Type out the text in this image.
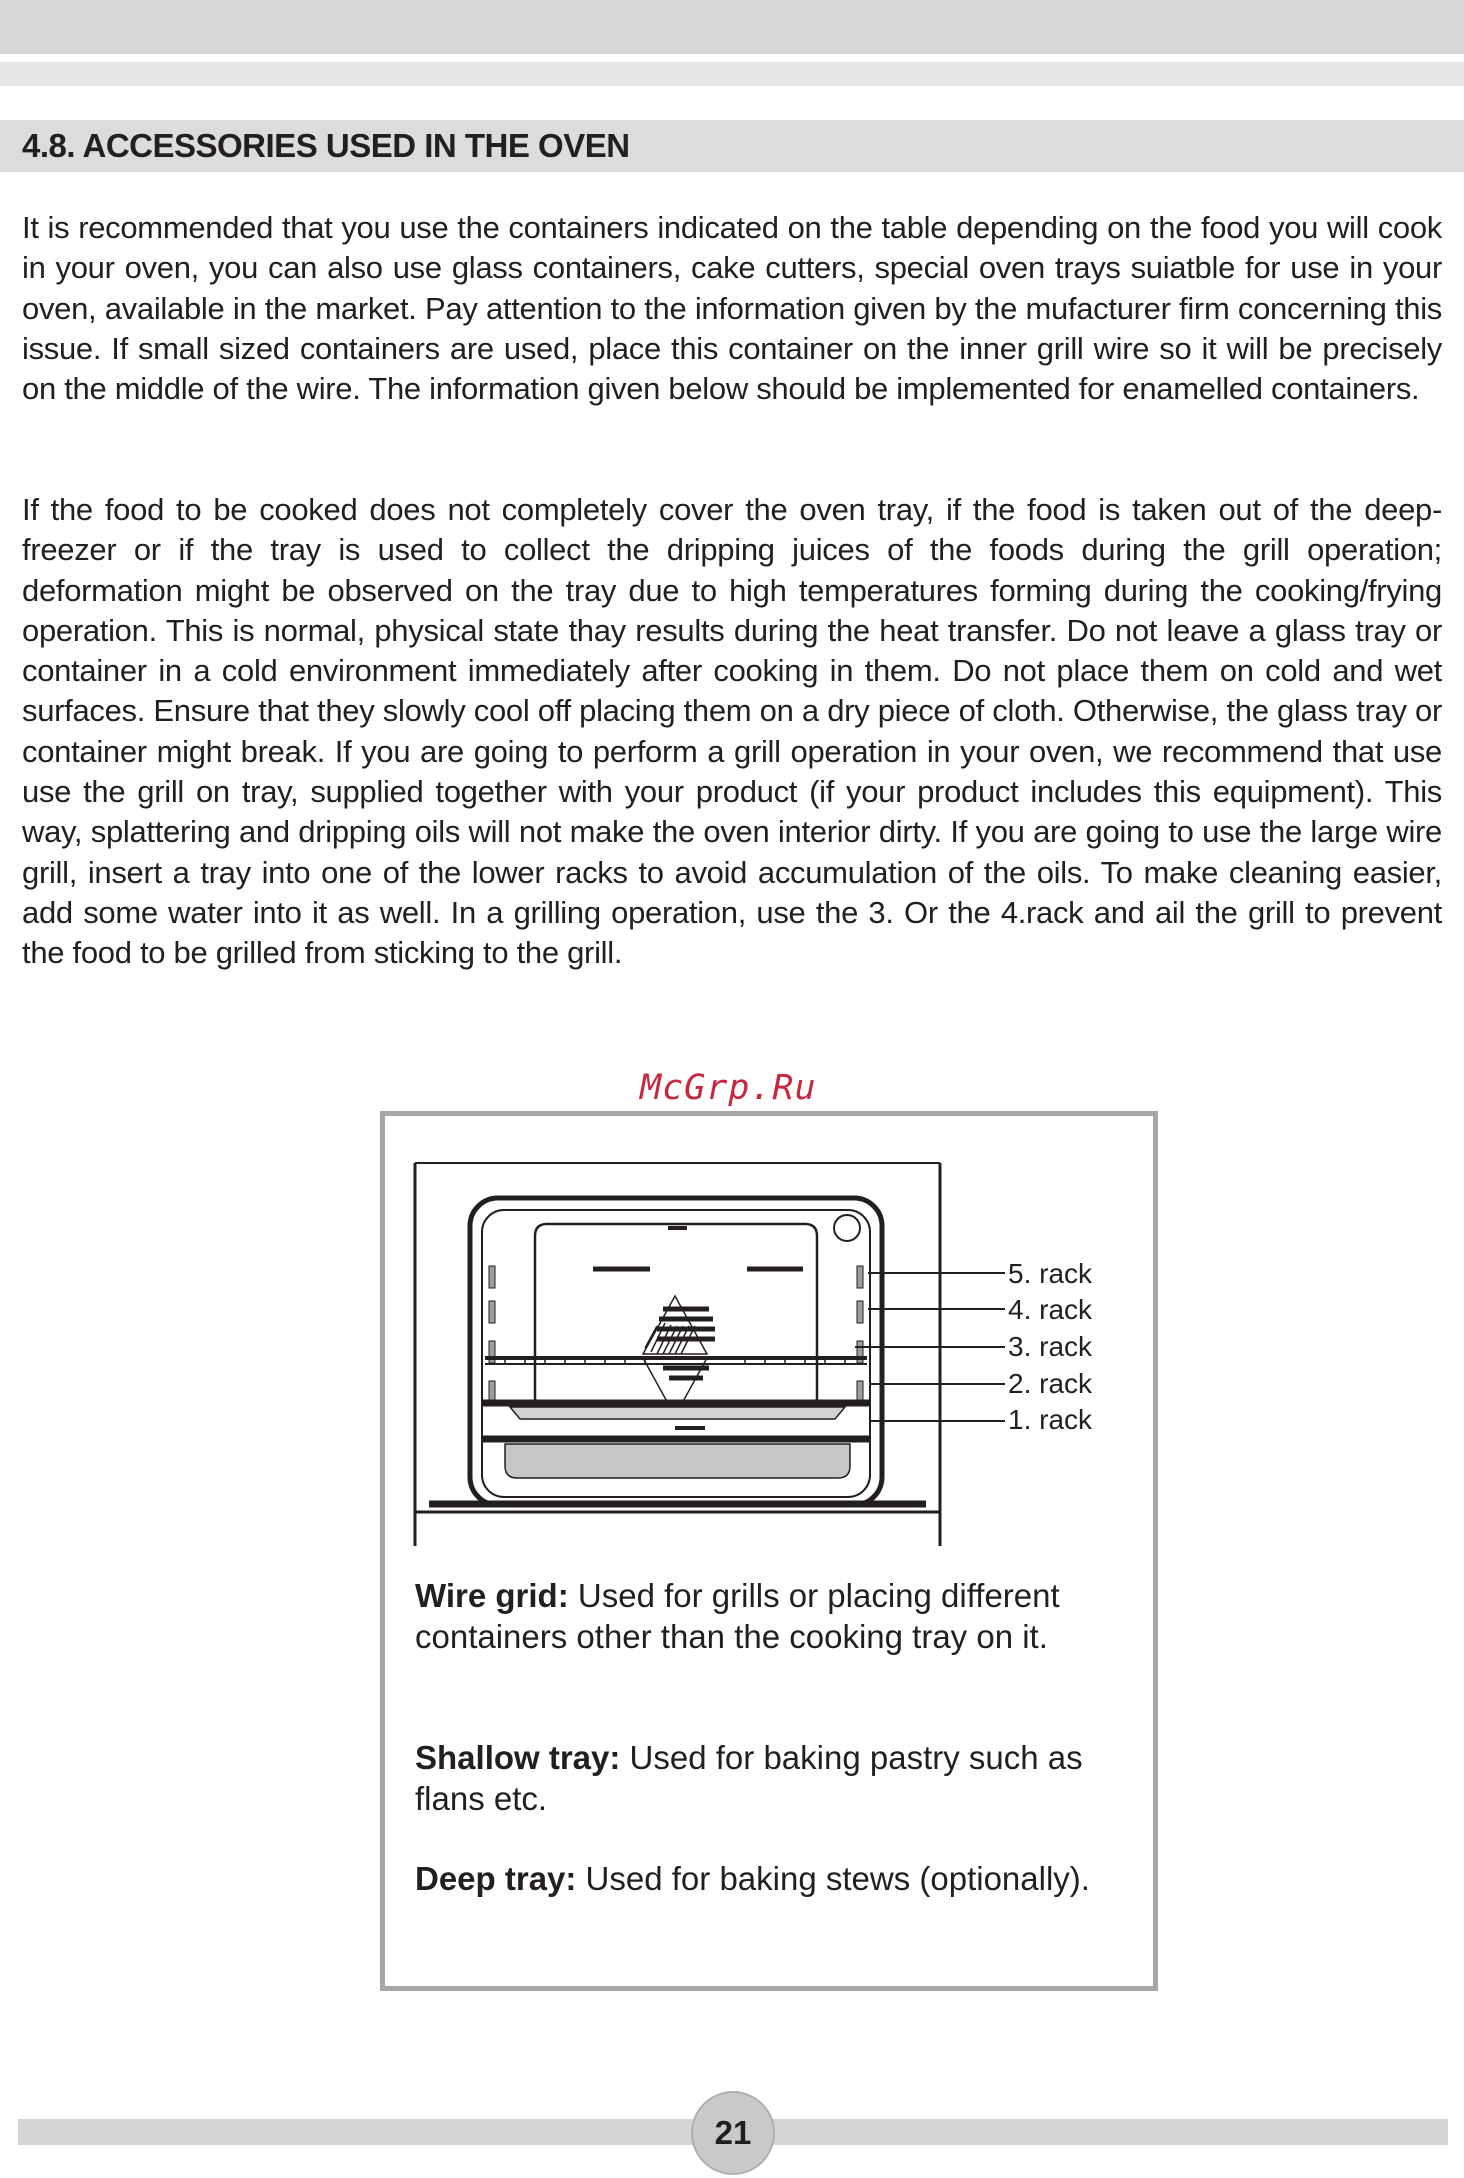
4.8. ACCESSORIES USED IN THE OVEN

It is recommended that you use the containers indicated on the table depending on the food you will cook in your oven, you can also use glass containers, cake cutters, special oven trays suiatble for use in your oven, available in the market. Pay attention to the information given by the mufacturer firm concerning this issue. If small sized containers are used, place this container on the inner grill wire so it will be precisely on the middle of the wire. The information given below should be implemented for enamelled containers.

If the food to be cooked does not completely cover the oven tray, if the food is taken out of the deep-freezer or if the tray is used to collect the dripping juices of the foods during the grill operation; deformation might be observed on the tray due to high temperatures forming during the cooking/frying operation. This is normal, physical state thay results during the heat transfer. Do not leave a glass tray or container in a cold environment immediately after cooking in them. Do not place them on cold and wet surfaces. Ensure that they slowly cool off placing them on a dry piece of cloth. Otherwise, the glass tray or container might break. If you are going to perform a grill operation in your oven, we recommend that use use the grill on tray, supplied together with your product (if your product includes this equipment). This way, splattering and dripping oils will not make the oven interior dirty. If you are going to use the large wire grill, insert a tray into one of the lower racks to avoid accumulation of the oils. To make cleaning easier, add some water into it as well. In a grilling operation, use the 3. Or the 4.rack and ail the grill to prevent the food to be grilled from sticking to the grill.

McGrp.Ru
5. rack
4. rack
3. rack
2. rack
1. rack

Wire grid: Used for grills or placing different containers other than the cooking tray on it.

Shallow tray: Used for baking pastry such as flans etc.

Deep tray: Used for baking stews (optionally).

21
